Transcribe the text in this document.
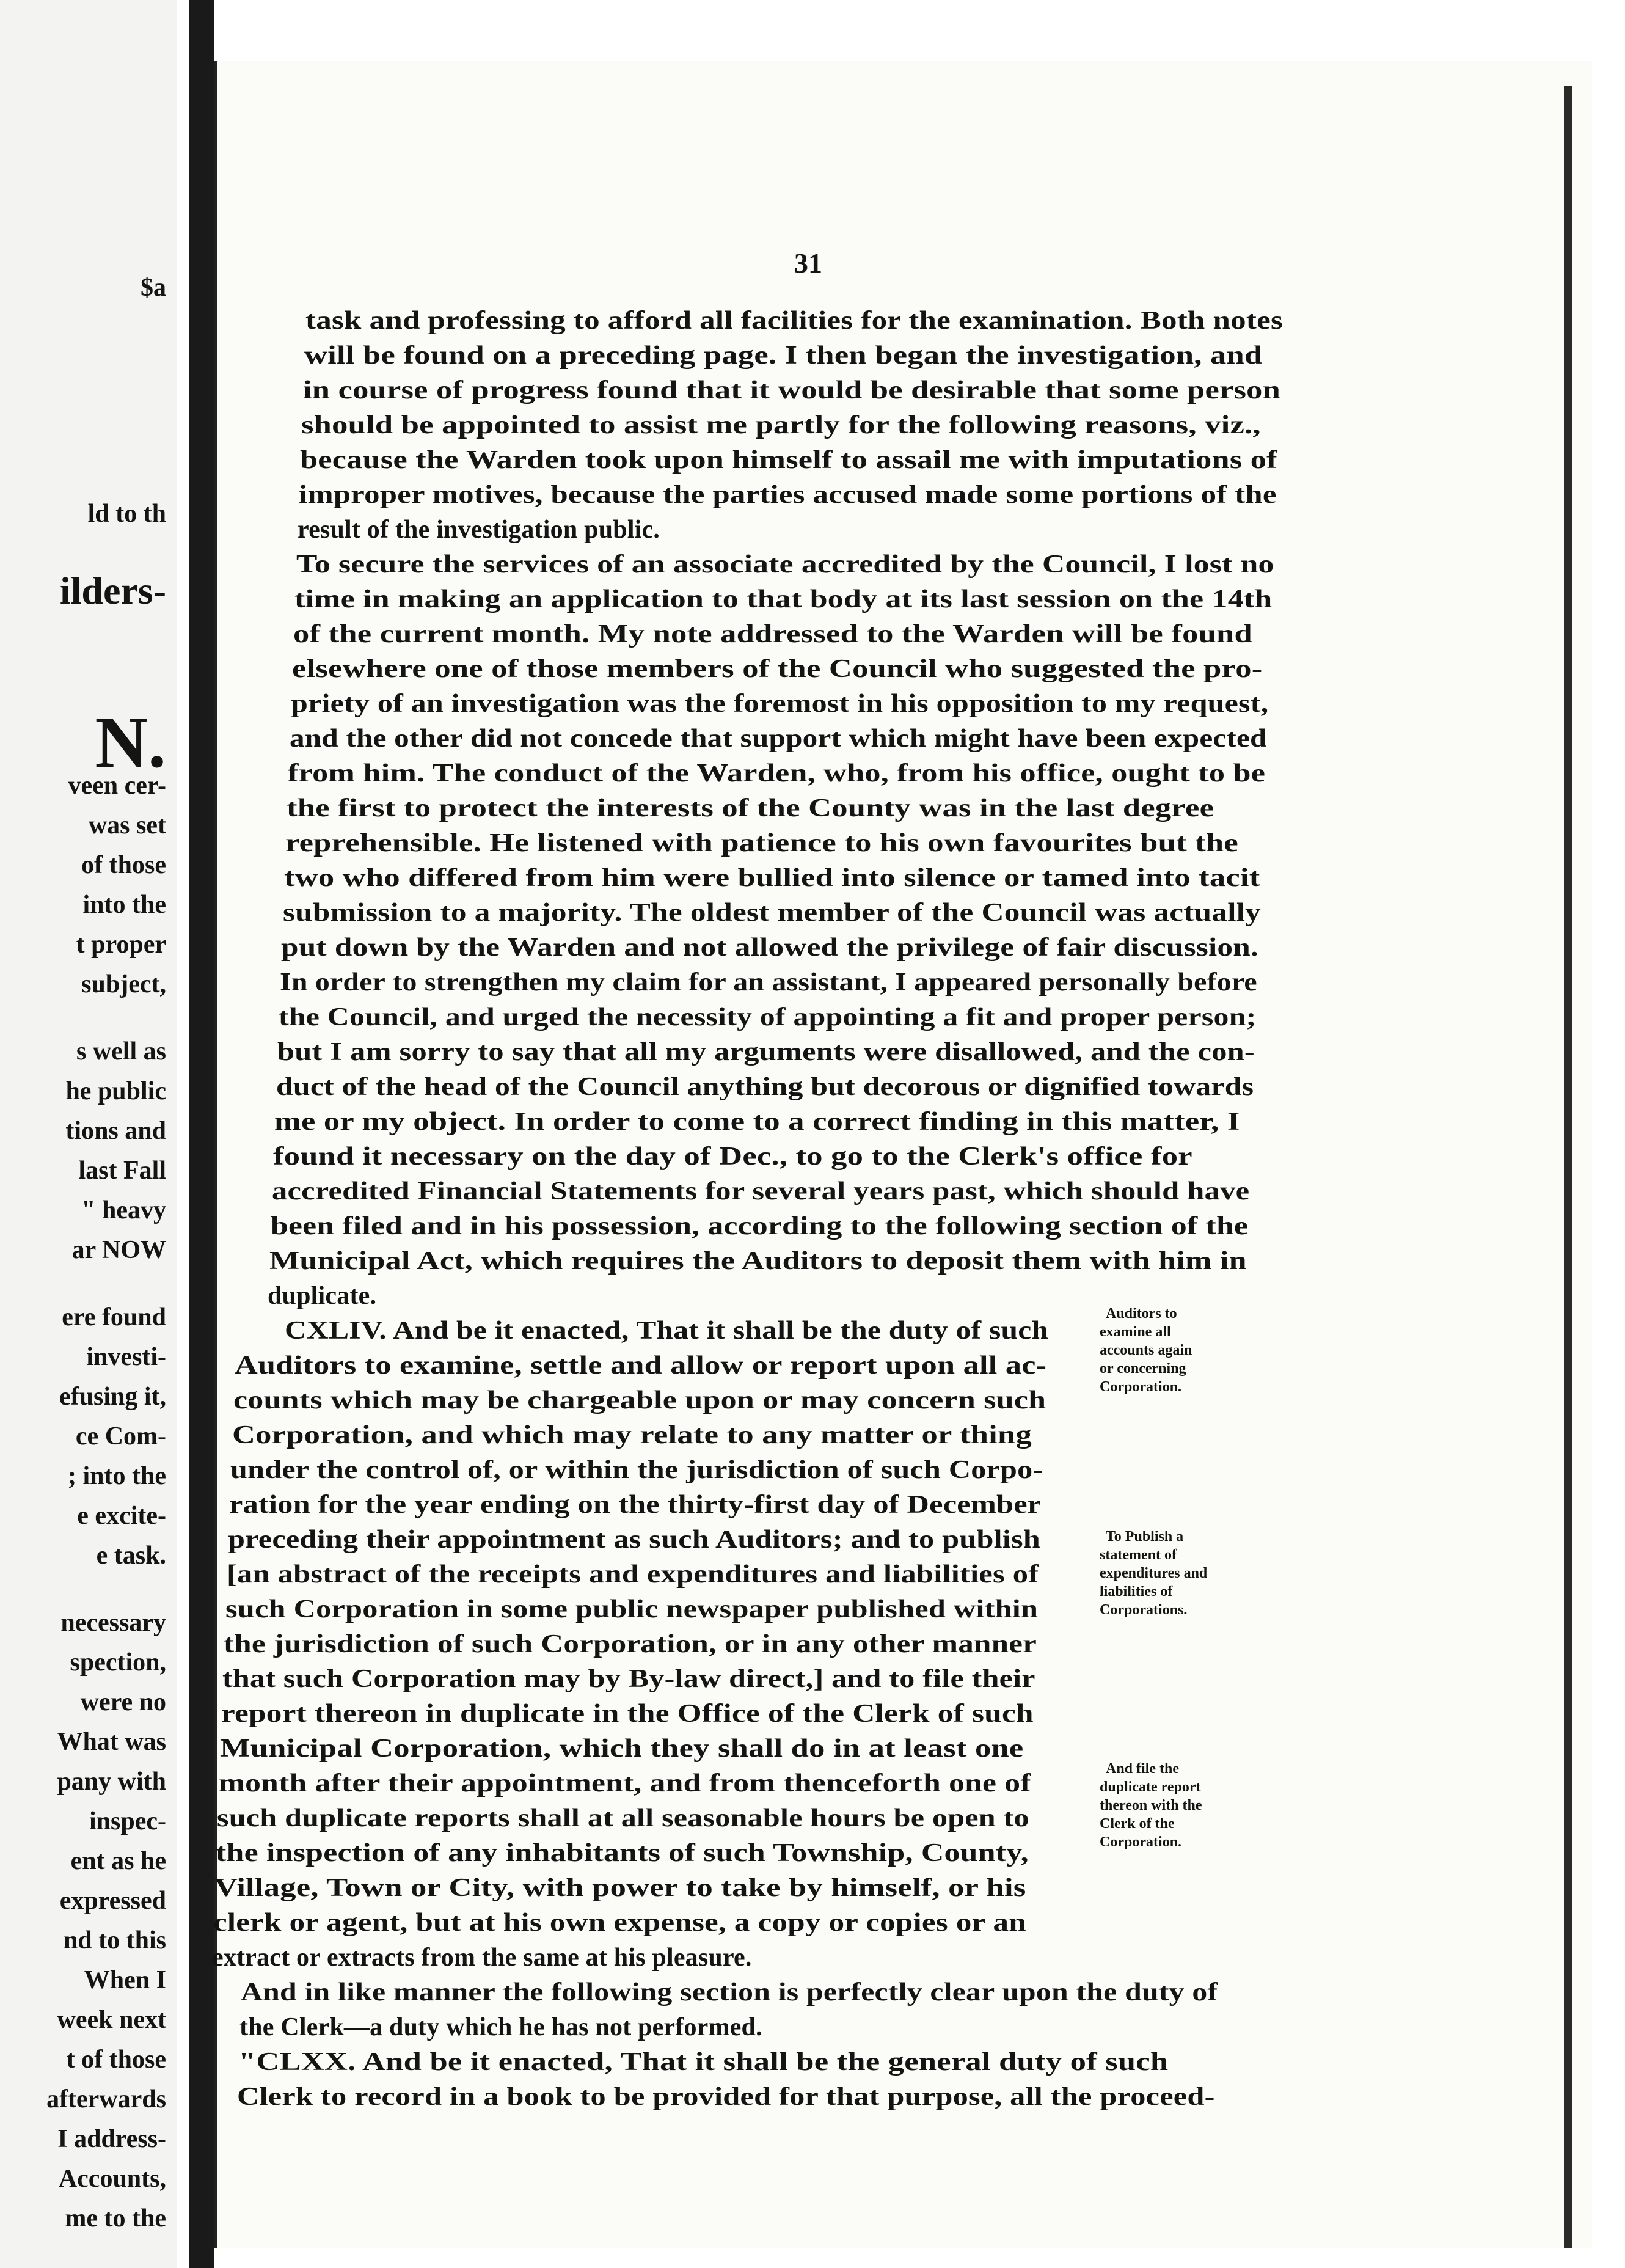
$a
ld to th
ilders-
N.
veen cer-
was set
of those
into the
t proper
subject,
s well as
he public
tions and
last Fall
" heavy
ar NOW
ere found
investi-
efusing it,
ce Com-
; into the
e excite-
e task.
necessary
spection,
were no
What was
pany with
inspec-
ent as he
expressed
nd to this
When I
week next
t of those
afterwards
I address-
Accounts,
me to the
31
task and professing to afford all facilities for the examination. Both notes
will be found on a preceding page. I then began the investigation, and
in course of progress found that it would be desirable that some person
should be appointed to assist me partly for the following reasons, viz.,
because the Warden took upon himself to assail me with imputations of
improper motives, because the parties accused made some portions of the
result of the investigation public.
To secure the services of an associate accredited by the Council, I lost no
time in making an application to that body at its last session on the 14th
of the current month. My note addressed to the Warden will be found
elsewhere one of those members of the Council who suggested the pro-
priety of an investigation was the foremost in his opposition to my request,
and the other did not concede that support which might have been expected
from him. The conduct of the Warden, who, from his office, ought to be
the first to protect the interests of the County was in the last degree
reprehensible. He listened with patience to his own favourites but the
two who differed from him were bullied into silence or tamed into tacit
submission to a majority. The oldest member of the Council was actually
put down by the Warden and not allowed the privilege of fair discussion.
In order to strengthen my claim for an assistant, I appeared personally before
the Council, and urged the necessity of appointing a fit and proper person;
but I am sorry to say that all my arguments were disallowed, and the con-
duct of the head of the Council anything but decorous or dignified towards
me or my object. In order to come to a correct finding in this matter, I
found it necessary on the day of Dec., to go to the Clerk's office for
accredited Financial Statements for several years past, which should have
been filed and in his possession, according to the following section of the
Municipal Act, which requires the Auditors to deposit them with him in
duplicate.
CXLIV. And be it enacted, That it shall be the duty of such
Auditors to examine, settle and allow or report upon all ac-
counts which may be chargeable upon or may concern such
Corporation, and which may relate to any matter or thing
under the control of, or within the jurisdiction of such Corpo-
ration for the year ending on the thirty-first day of December
preceding their appointment as such Auditors; and to publish
[an abstract of the receipts and expenditures and liabilities of
such Corporation in some public newspaper published within
the jurisdiction of such Corporation, or in any other manner
that such Corporation may by By-law direct,] and to file their
report thereon in duplicate in the Office of the Clerk of such
Municipal Corporation, which they shall do in at least one
month after their appointment, and from thenceforth one of
such duplicate reports shall at all seasonable hours be open to
the inspection of any inhabitants of such Township, County,
Village, Town or City, with power to take by himself, or his
clerk or agent, but at his own expense, a copy or copies or an
extract or extracts from the same at his pleasure.
And in like manner the following section is perfectly clear upon the duty of
the Clerk—a duty which he has not performed.
"CLXX. And be it enacted, That it shall be the general duty of such
Clerk to record in a book to be provided for that purpose, all the proceed-
Auditors to
examine all
accounts again
or concerning
Corporation.
To Publish a
statement of
expenditures and
liabilities of
Corporations.
And file the
duplicate report
thereon with the
Clerk of the
Corporation.
